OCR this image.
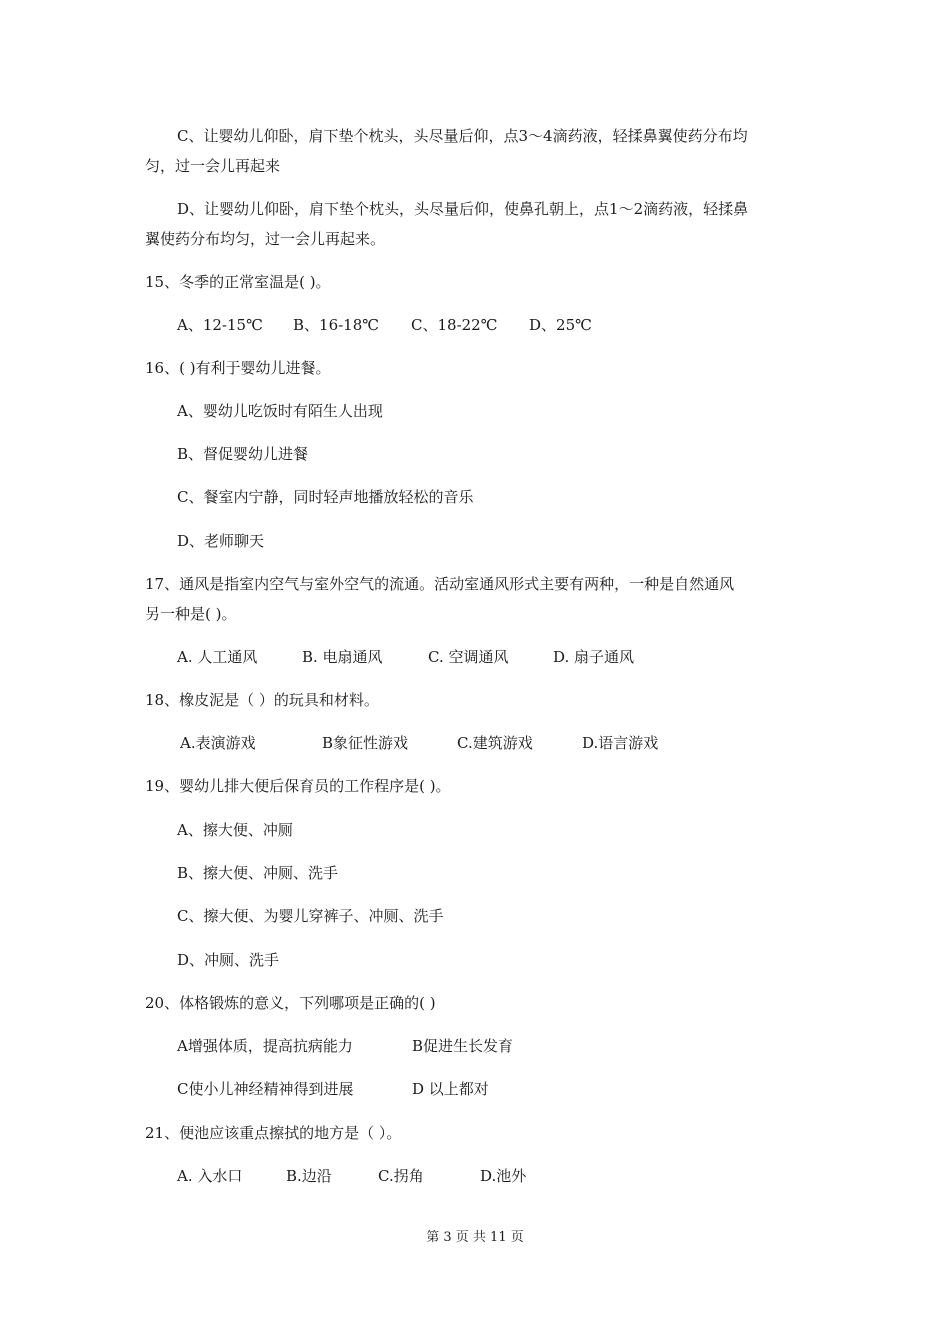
C、让婴幼儿仰卧，肩下垫个枕头，头尽量后仰，点3～4滴药液，轻揉鼻翼使药分布均
匀，过一会儿再起来
D、让婴幼儿仰卧，肩下垫个枕头，头尽量后仰，使鼻孔朝上，点1～2滴药液，轻揉鼻
翼使药分布均匀，过一会儿再起来。
15、冬季的正常室温是( )。
A、12-15℃ B、16-18℃ C、18-22℃ D、25℃
16、( )有利于婴幼儿进餐。
A、婴幼儿吃饭时有陌生人出现
B、督促婴幼儿进餐
C、餐室内宁静，同时轻声地播放轻松的音乐
D、老师聊天
17、通风是指室内空气与室外空气的流通。活动室通风形式主要有两种，一种是自然通风
另一种是( )。
A. 人工通风	B. 电扇通风	C. 空调通风	D. 扇子通风
18、橡皮泥是（ ）的玩具和材料。
A.表演游戏	B象征性游戏	C.建筑游戏	D.语言游戏
19、婴幼儿排大便后保育员的工作程序是( )。
A、擦大便、冲厕
B、擦大便、冲厕、洗手
C、擦大便、为婴儿穿裤子、冲厕、洗手
D、冲厕、洗手
20、体格锻炼的意义，下列哪项是正确的( )
A增强体质，提高抗病能力	B促进生长发育
C使小儿神经精神得到进展	D 以上都对
21、便池应该重点擦拭的地方是（ ）。
A. 入水口	B.边沿	C.拐角	D.池外
第 3 页 共 11 页
